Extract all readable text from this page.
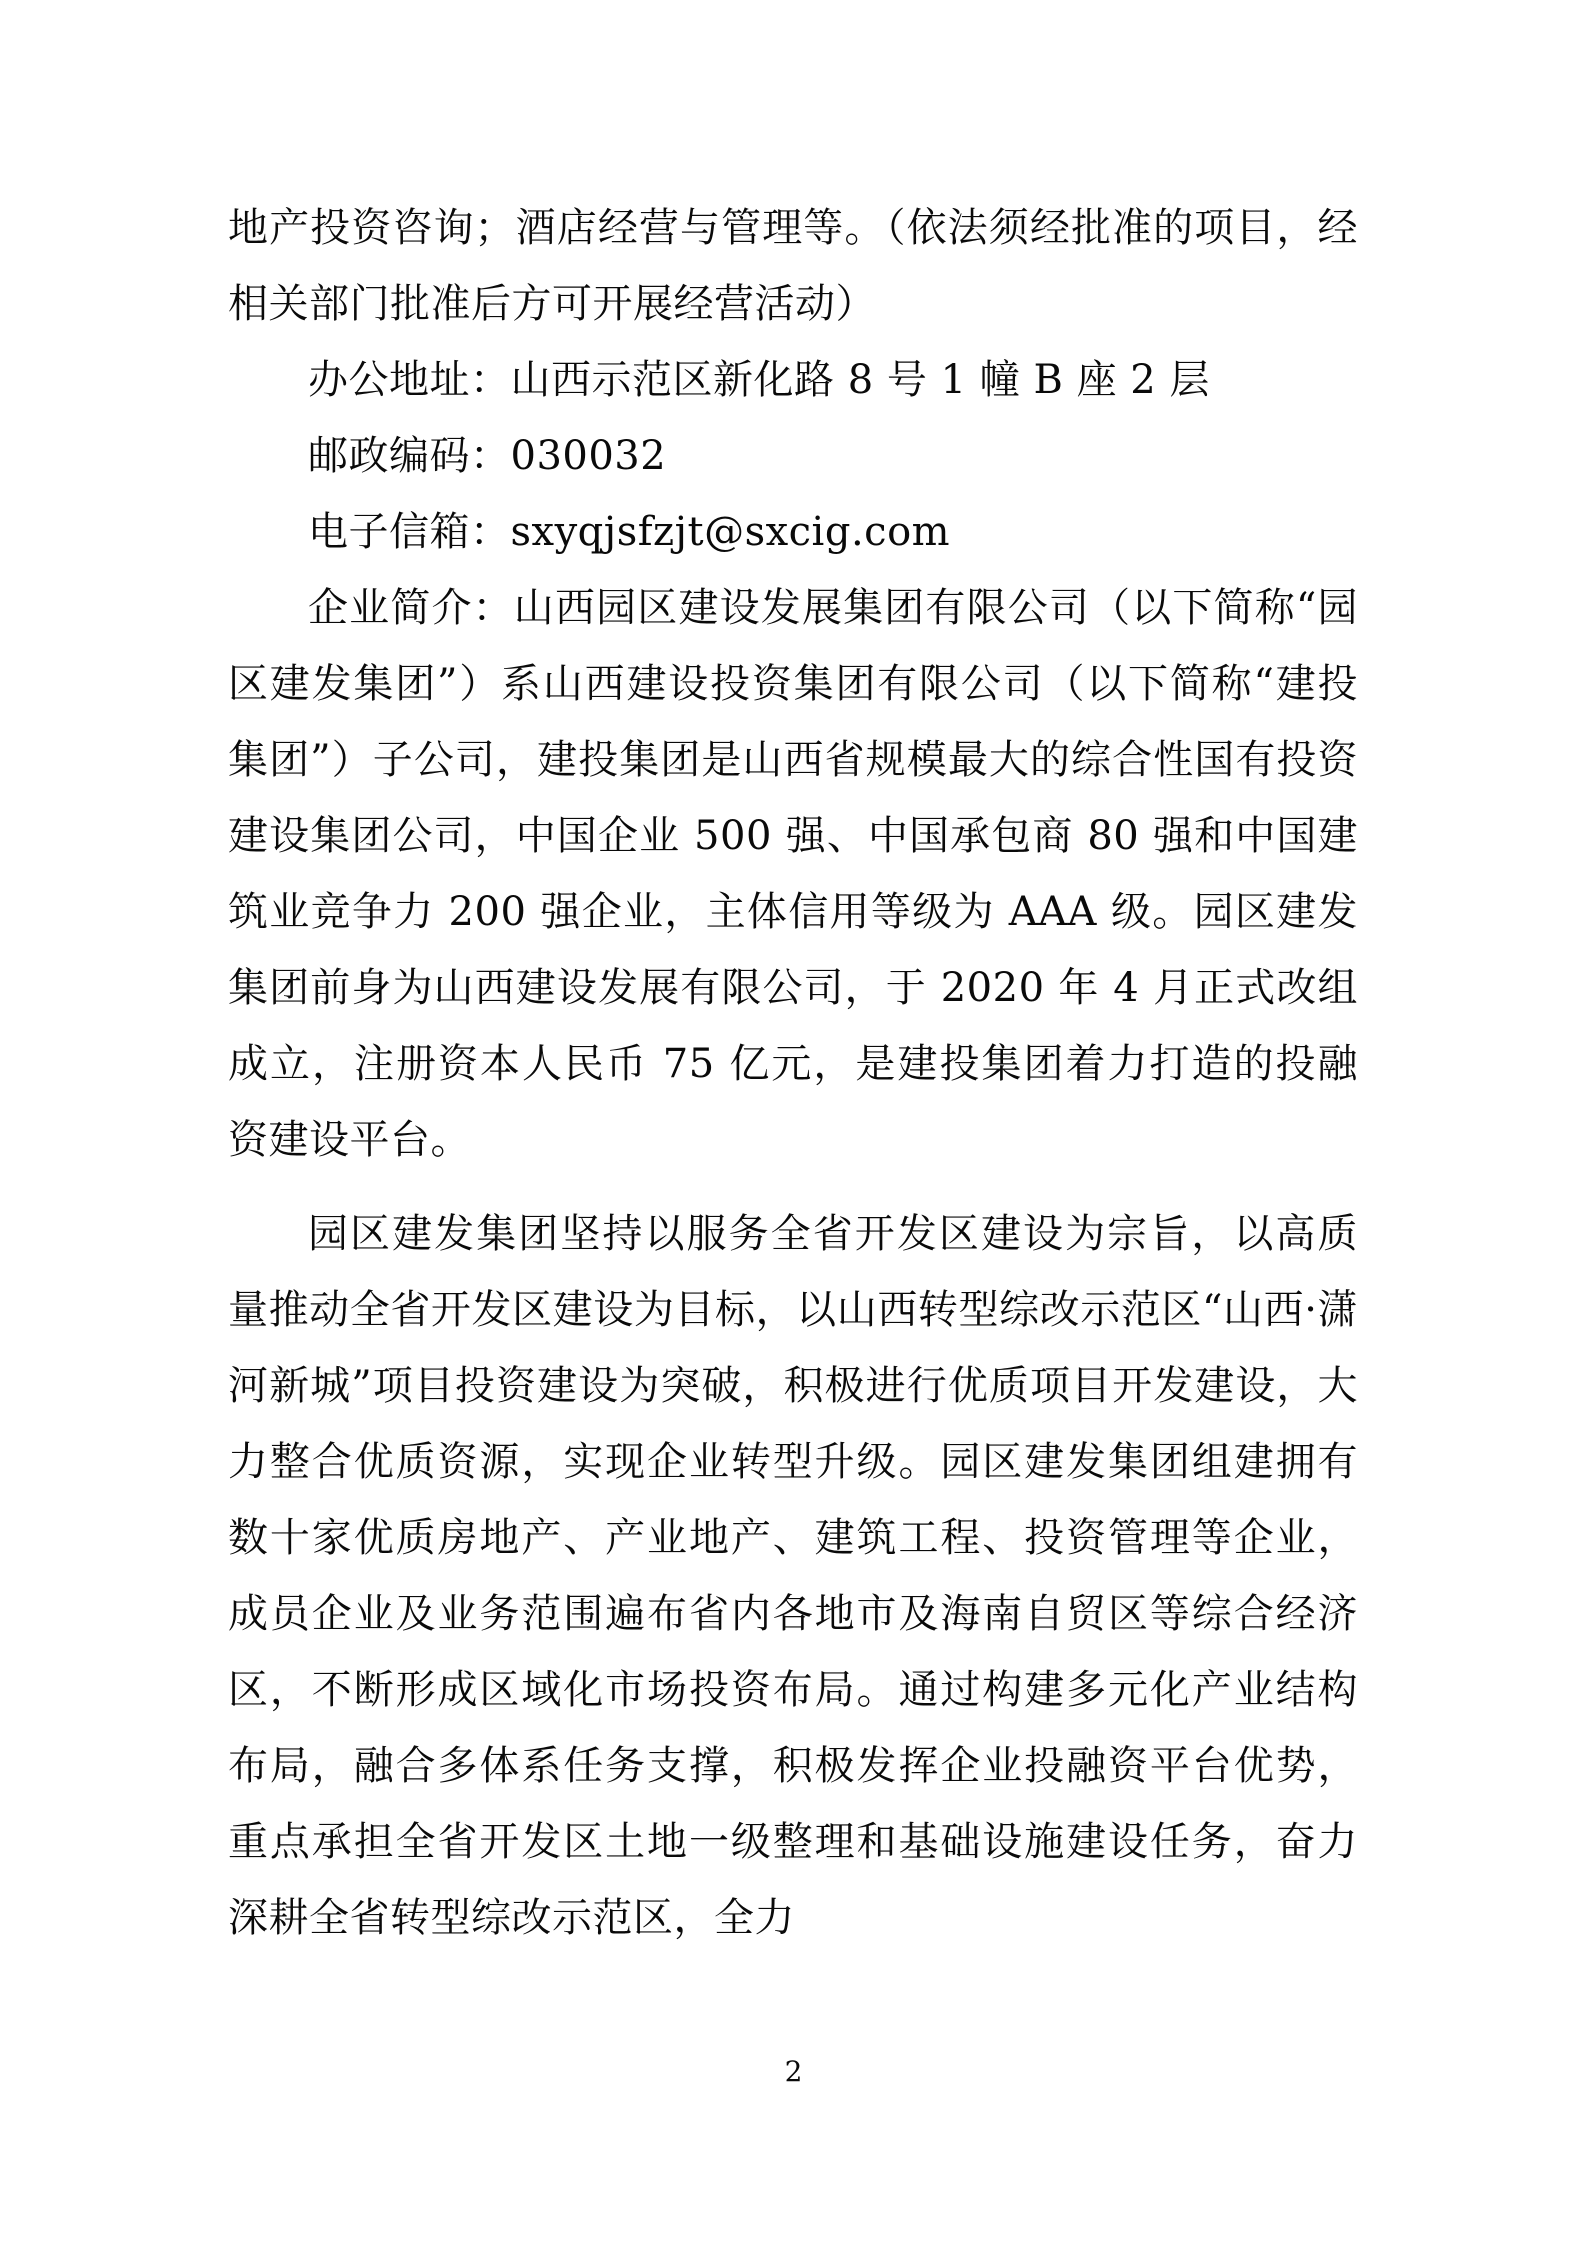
地产投资咨询；酒店经营与管理等。（依法须经批准的项目，经相关部门批准后方可开展经营活动）

办公地址：山西示范区新化路 8 号 1 幢 B 座 2 层

邮政编码：030032

电子信箱：sxyqjsfzjt@sxcig.com

企业简介：山西园区建设发展集团有限公司（以下简称“园区建发集团”）系山西建设投资集团有限公司（以下简称“建投集团”）子公司，建投集团是山西省规模最大的综合性国有投资建设集团公司，中国企业 500 强、中国承包商 80 强和中国建筑业竞争力 200 强企业，主体信用等级为 AAA 级。园区建发集团前身为山西建设发展有限公司，于 2020 年 4 月正式改组成立，注册资本人民币 75 亿元，是建投集团着力打造的投融资建设平台。

园区建发集团坚持以服务全省开发区建设为宗旨，以高质量推动全省开发区建设为目标，以山西转型综改示范区“山西·潇河新城”项目投资建设为突破，积极进行优质项目开发建设，大力整合优质资源，实现企业转型升级。园区建发集团组建拥有数十家优质房地产、产业地产、建筑工程、投资管理等企业，成员企业及业务范围遍布省内各地市及海南自贸区等综合经济区，不断形成区域化市场投资布局。通过构建多元化产业结构布局，融合多体系任务支撑，积极发挥企业投融资平台优势，重点承担全省开发区土地一级整理和基础设施建设任务，奋力深耕全省转型综改示范区，全力

2
